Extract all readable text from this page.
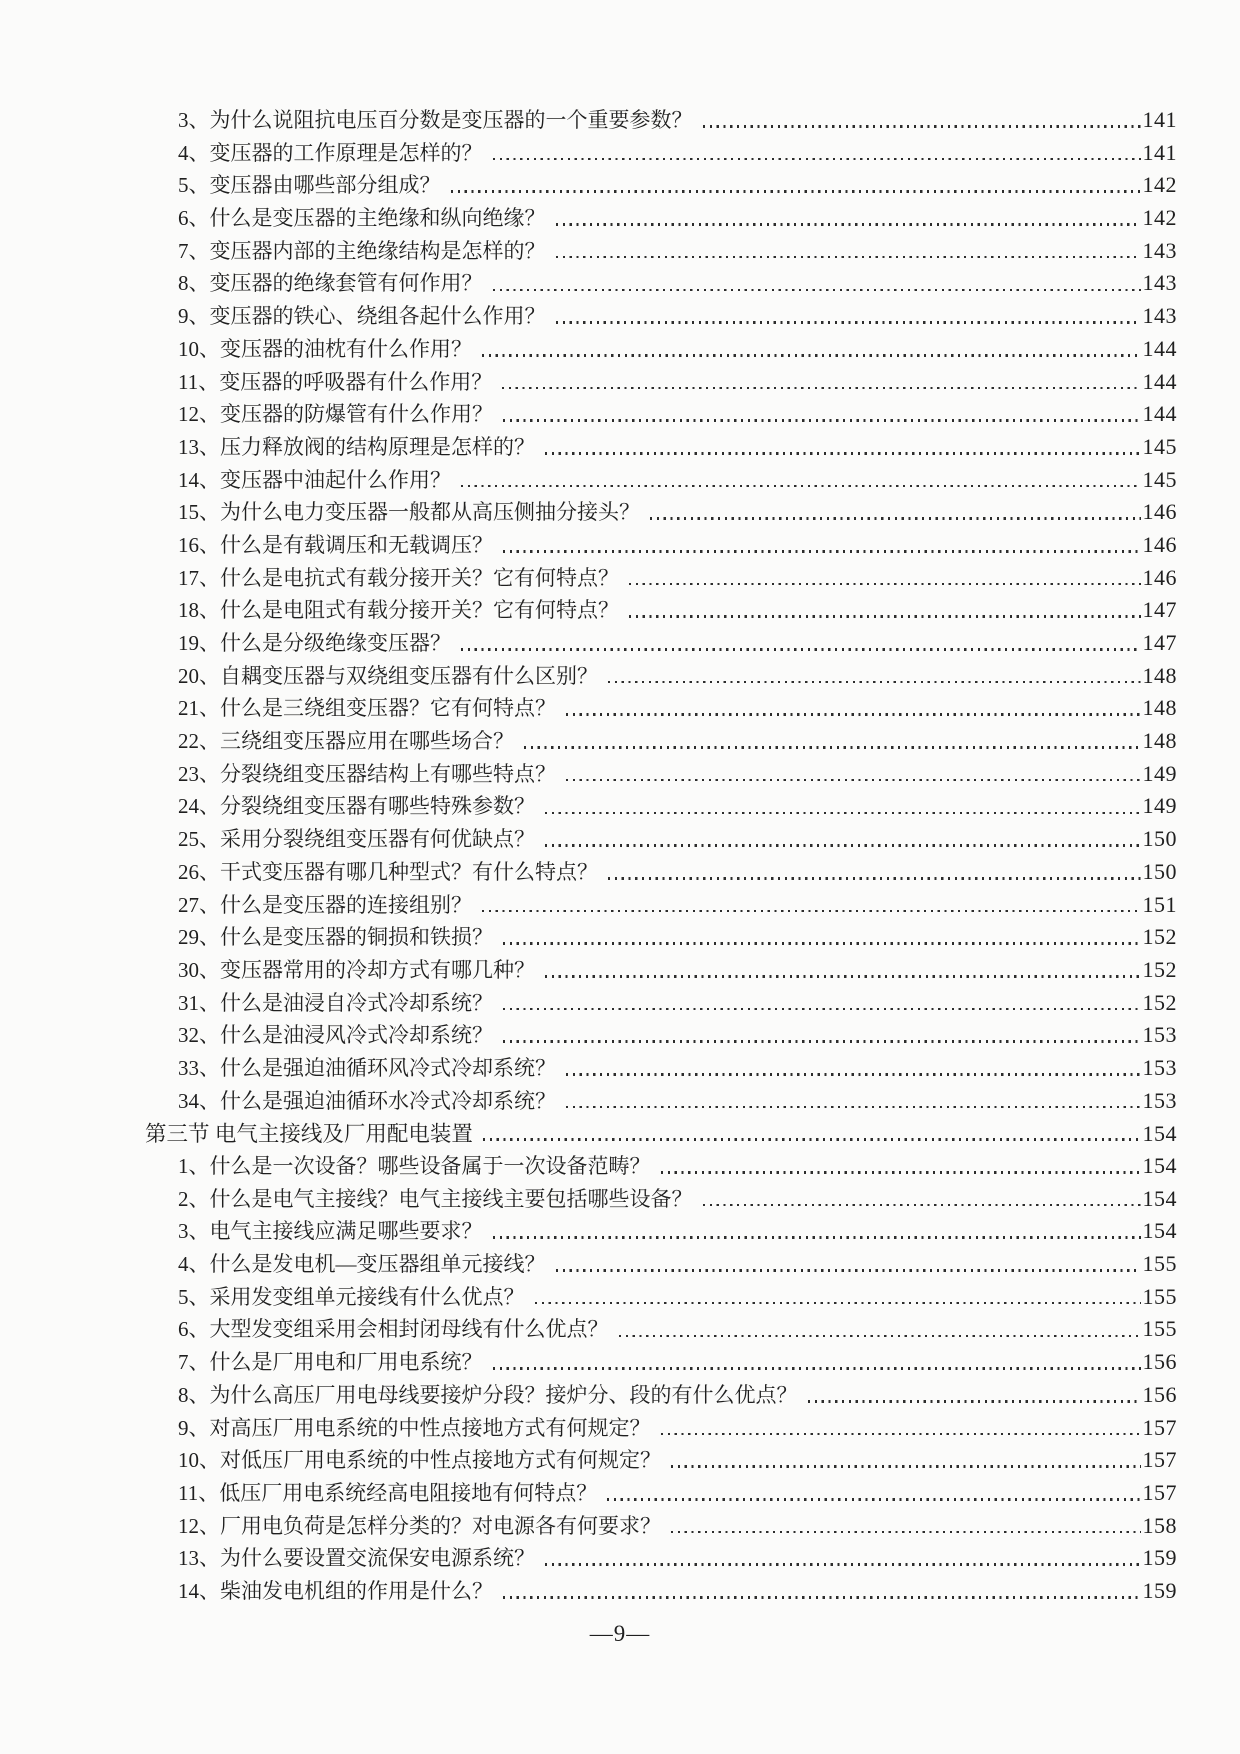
3、为什么说阻抗电压百分数是变压器的一个重要参数？	141
4、变压器的工作原理是怎样的？	141
5、变压器由哪些部分组成？	142
6、什么是变压器的主绝缘和纵向绝缘？	142
7、变压器内部的主绝缘结构是怎样的？	143
8、变压器的绝缘套管有何作用？	143
9、变压器的铁心、绕组各起什么作用？	143
10、变压器的油枕有什么作用？	144
11、变压器的呼吸器有什么作用？	144
12、变压器的防爆管有什么作用？	144
13、压力释放阀的结构原理是怎样的？	145
14、变压器中油起什么作用？	145
15、为什么电力变压器一般都从高压侧抽分接头？	146
16、什么是有载调压和无载调压？	146
17、什么是电抗式有载分接开关？它有何特点？	146
18、什么是电阻式有载分接开关？它有何特点？	147
19、什么是分级绝缘变压器？	147
20、自耦变压器与双绕组变压器有什么区别？	148
21、什么是三绕组变压器？它有何特点？	148
22、三绕组变压器应用在哪些场合？	148
23、分裂绕组变压器结构上有哪些特点？	149
24、分裂绕组变压器有哪些特殊参数？	149
25、采用分裂绕组变压器有何优缺点？	150
26、干式变压器有哪几种型式？有什么特点？	150
27、什么是变压器的连接组别？	151
29、什么是变压器的铜损和铁损？	152
30、变压器常用的冷却方式有哪几种？	152
31、什么是油浸自冷式冷却系统？	152
32、什么是油浸风冷式冷却系统？	153
33、什么是强迫油循环风冷式冷却系统？	153
34、什么是强迫油循环水冷式冷却系统？	153
第三节 电气主接线及厂用配电装置	154
1、什么是一次设备？哪些设备属于一次设备范畴？	154
2、什么是电气主接线？电气主接线主要包括哪些设备？	154
3、电气主接线应满足哪些要求？	154
4、什么是发电机—变压器组单元接线？	155
5、采用发变组单元接线有什么优点？	155
6、大型发变组采用会相封闭母线有什么优点？	155
7、什么是厂用电和厂用电系统？	156
8、为什么高压厂用电母线要接炉分段？接炉分、段的有什么优点？	156
9、对高压厂用电系统的中性点接地方式有何规定？	157
10、对低压厂用电系统的中性点接地方式有何规定？	157
11、低压厂用电系统经高电阻接地有何特点？	157
12、厂用电负荷是怎样分类的？对电源各有何要求？	158
13、为什么要设置交流保安电源系统？	159
14、柴油发电机组的作用是什么？	159
—9—
